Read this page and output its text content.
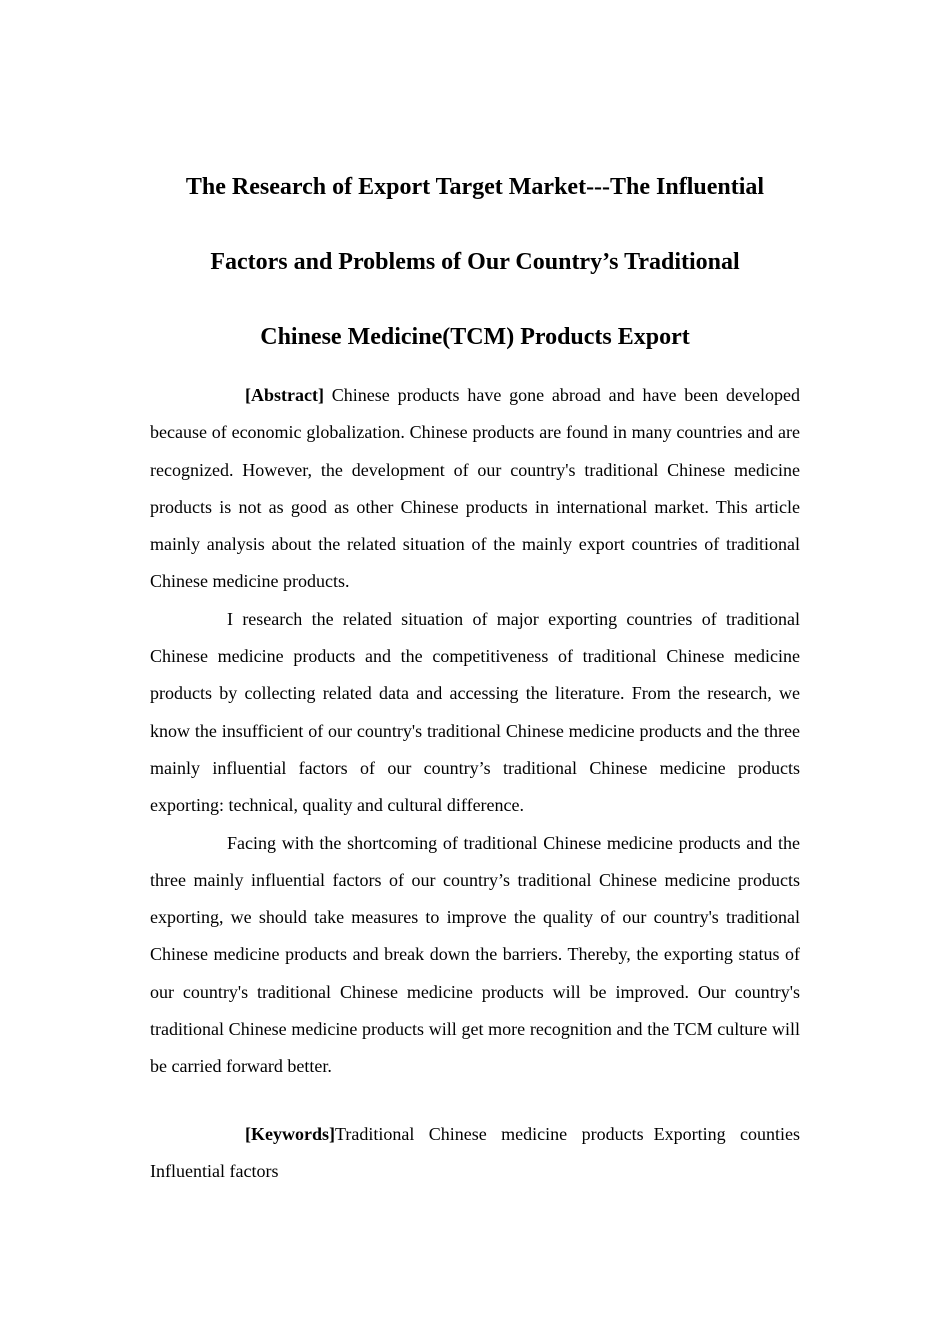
The Research of Export Target Market---The Influential
Factors and Problems of Our Country’s Traditional
Chinese Medicine(TCM) Products Export

[Abstract] Chinese products have gone abroad and have been developed because of economic globalization. Chinese products are found in many countries and are recognized. However, the development of our country's traditional Chinese medicine products is not as good as other Chinese products in international market. This article mainly analysis about the related situation of the mainly export countries of traditional Chinese medicine products.

I research the related situation of major exporting countries of traditional Chinese medicine products and the competitiveness of traditional Chinese medicine products by collecting related data and accessing the literature. From the research, we know the insufficient of our country's traditional Chinese medicine products and the three mainly influential factors of our country’s traditional Chinese medicine products exporting: technical, quality and cultural difference.

Facing with the shortcoming of traditional Chinese medicine products and the three mainly influential factors of our country’s traditional Chinese medicine products exporting, we should take measures to improve the quality of our country's traditional Chinese medicine products and break down the barriers. Thereby, the exporting status of our country's traditional Chinese medicine products will be improved. Our country's traditional Chinese medicine products will get more recognition and the TCM culture will be carried forward better.

[Keywords]Traditional Chinese medicine products Exporting counties Influential factors
